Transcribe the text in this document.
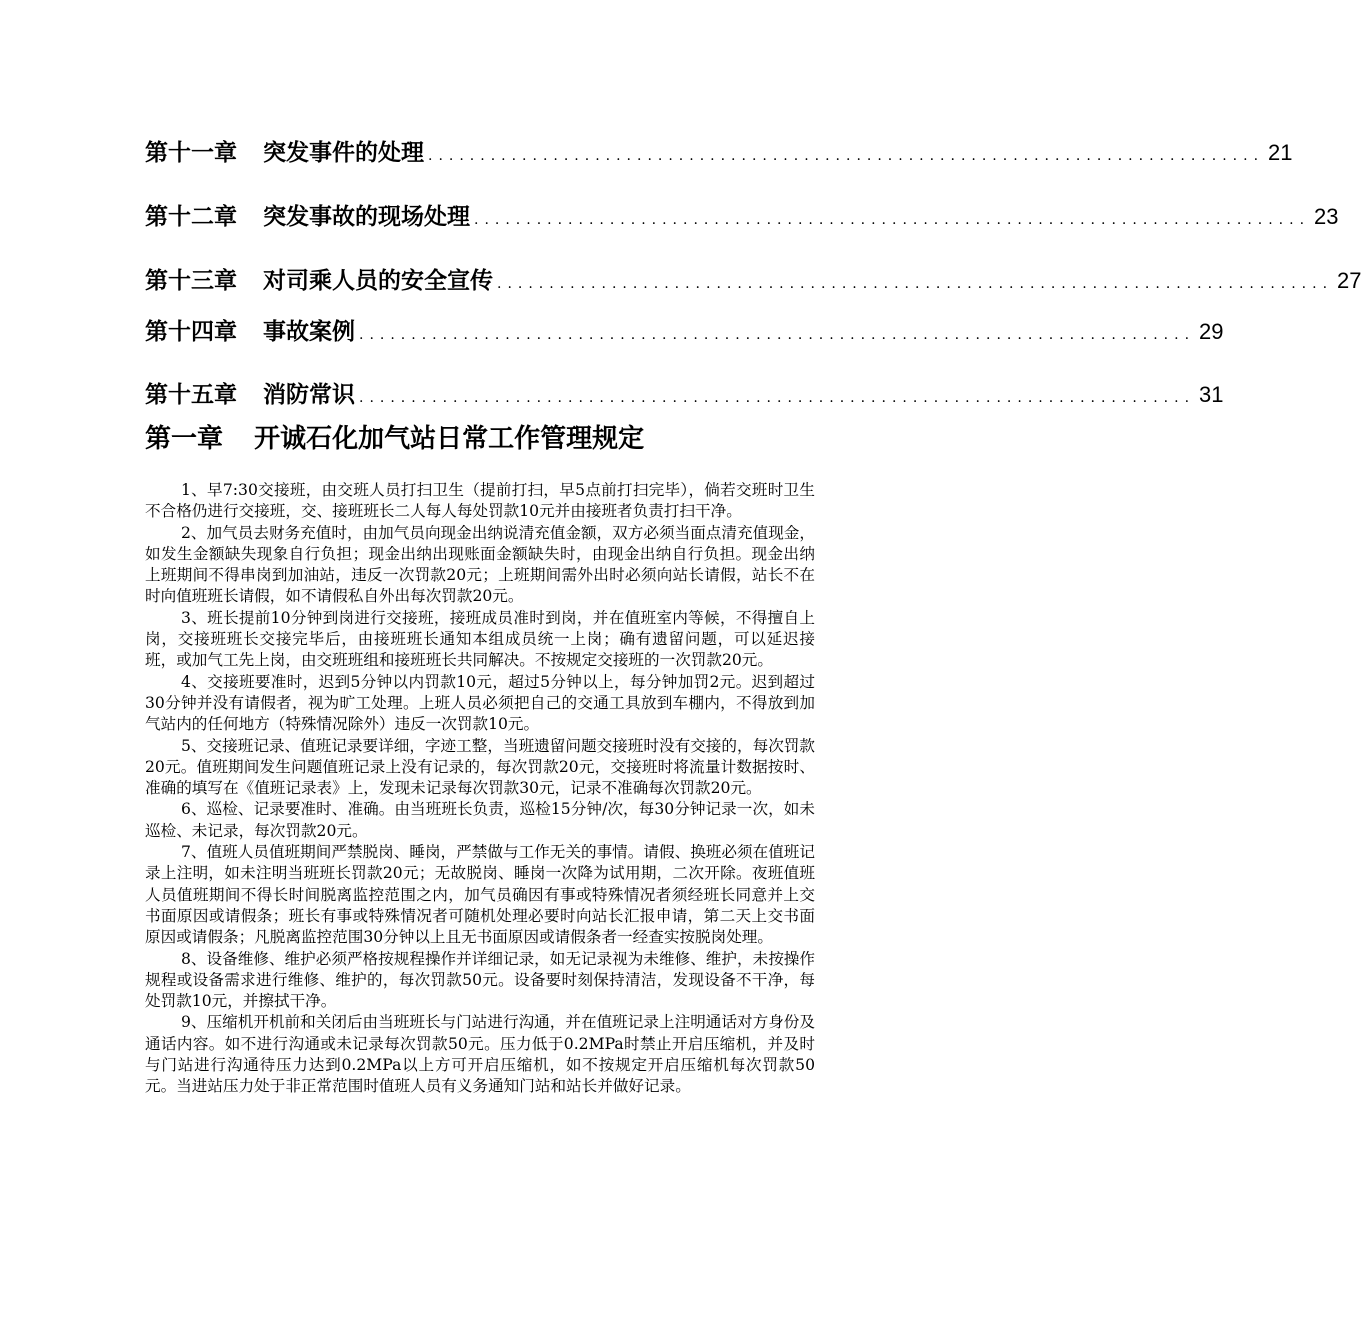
第十一章 突发事件的处理 ................................................................................ 21
第十二章 突发事故的现场处理 ................................................................................ 23
第十三章 对司乘人员的安全宣传 ................................................................................ 27
第十四章 事故案例 ................................................................................ 29
第十五章 消防常识 ................................................................................ 31
第一章 开诚石化加气站日常工作管理规定

1、早7:30交接班，由交班人员打扫卫生（提前打扫，早5点前打扫完毕），倘若交班时卫生不合格仍进行交接班，交、接班班长二人每人每处罚款10元并由接班者负责打扫干净。

2、加气员去财务充值时，由加气员向现金出纳说清充值金额，双方必须当面点清充值现金，如发生金额缺失现象自行负担；现金出纳出现账面金额缺失时，由现金出纳自行负担。现金出纳上班期间不得串岗到加油站，违反一次罚款20元；上班期间需外出时必须向站长请假，站长不在时向值班班长请假，如不请假私自外出每次罚款20元。

3、班长提前10分钟到岗进行交接班，接班成员准时到岗，并在值班室内等候，不得擅自上岗，交接班班长交接完毕后，由接班班长通知本组成员统一上岗；确有遗留问题，可以延迟接班，或加气工先上岗，由交班班组和接班班长共同解决。不按规定交接班的一次罚款20元。

4、交接班要准时，迟到5分钟以内罚款10元，超过5分钟以上，每分钟加罚2元。迟到超过30分钟并没有请假者，视为旷工处理。上班人员必须把自己的交通工具放到车棚内，不得放到加气站内的任何地方（特殊情况除外）违反一次罚款10元。

5、交接班记录、值班记录要详细，字迹工整，当班遗留问题交接班时没有交接的，每次罚款20元。值班期间发生问题值班记录上没有记录的，每次罚款20元，交接班时将流量计数据按时、准确的填写在《值班记录表》上，发现未记录每次罚款30元，记录不准确每次罚款20元。

6、巡检、记录要准时、准确。由当班班长负责，巡检15分钟/次，每30分钟记录一次，如未巡检、未记录，每次罚款20元。

7、值班人员值班期间严禁脱岗、睡岗，严禁做与工作无关的事情。请假、换班必须在值班记录上注明，如未注明当班班长罚款20元；无故脱岗、睡岗一次降为试用期，二次开除。夜班值班人员值班期间不得长时间脱离监控范围之内，加气员确因有事或特殊情况者须经班长同意并上交书面原因或请假条；班长有事或特殊情况者可随机处理必要时向站长汇报申请，第二天上交书面原因或请假条；凡脱离监控范围30分钟以上且无书面原因或请假条者一经查实按脱岗处理。

8、设备维修、维护必须严格按规程操作并详细记录，如无记录视为未维修、维护，未按操作规程或设备需求进行维修、维护的，每次罚款50元。设备要时刻保持清洁，发现设备不干净，每处罚款10元，并擦拭干净。

9、压缩机开机前和关闭后由当班班长与门站进行沟通，并在值班记录上注明通话对方身份及通话内容。如不进行沟通或未记录每次罚款50元。压力低于0.2MPa时禁止开启压缩机，并及时与门站进行沟通待压力达到0.2MPa以上方可开启压缩机，如不按规定开启压缩机每次罚款50元。当进站压力处于非正常范围时值班人员有义务通知门站和站长并做好记录。
